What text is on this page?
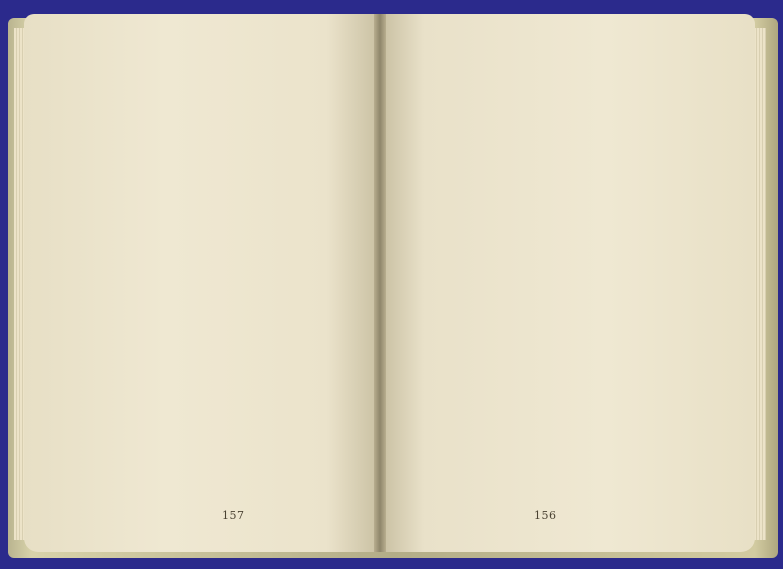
157	156
